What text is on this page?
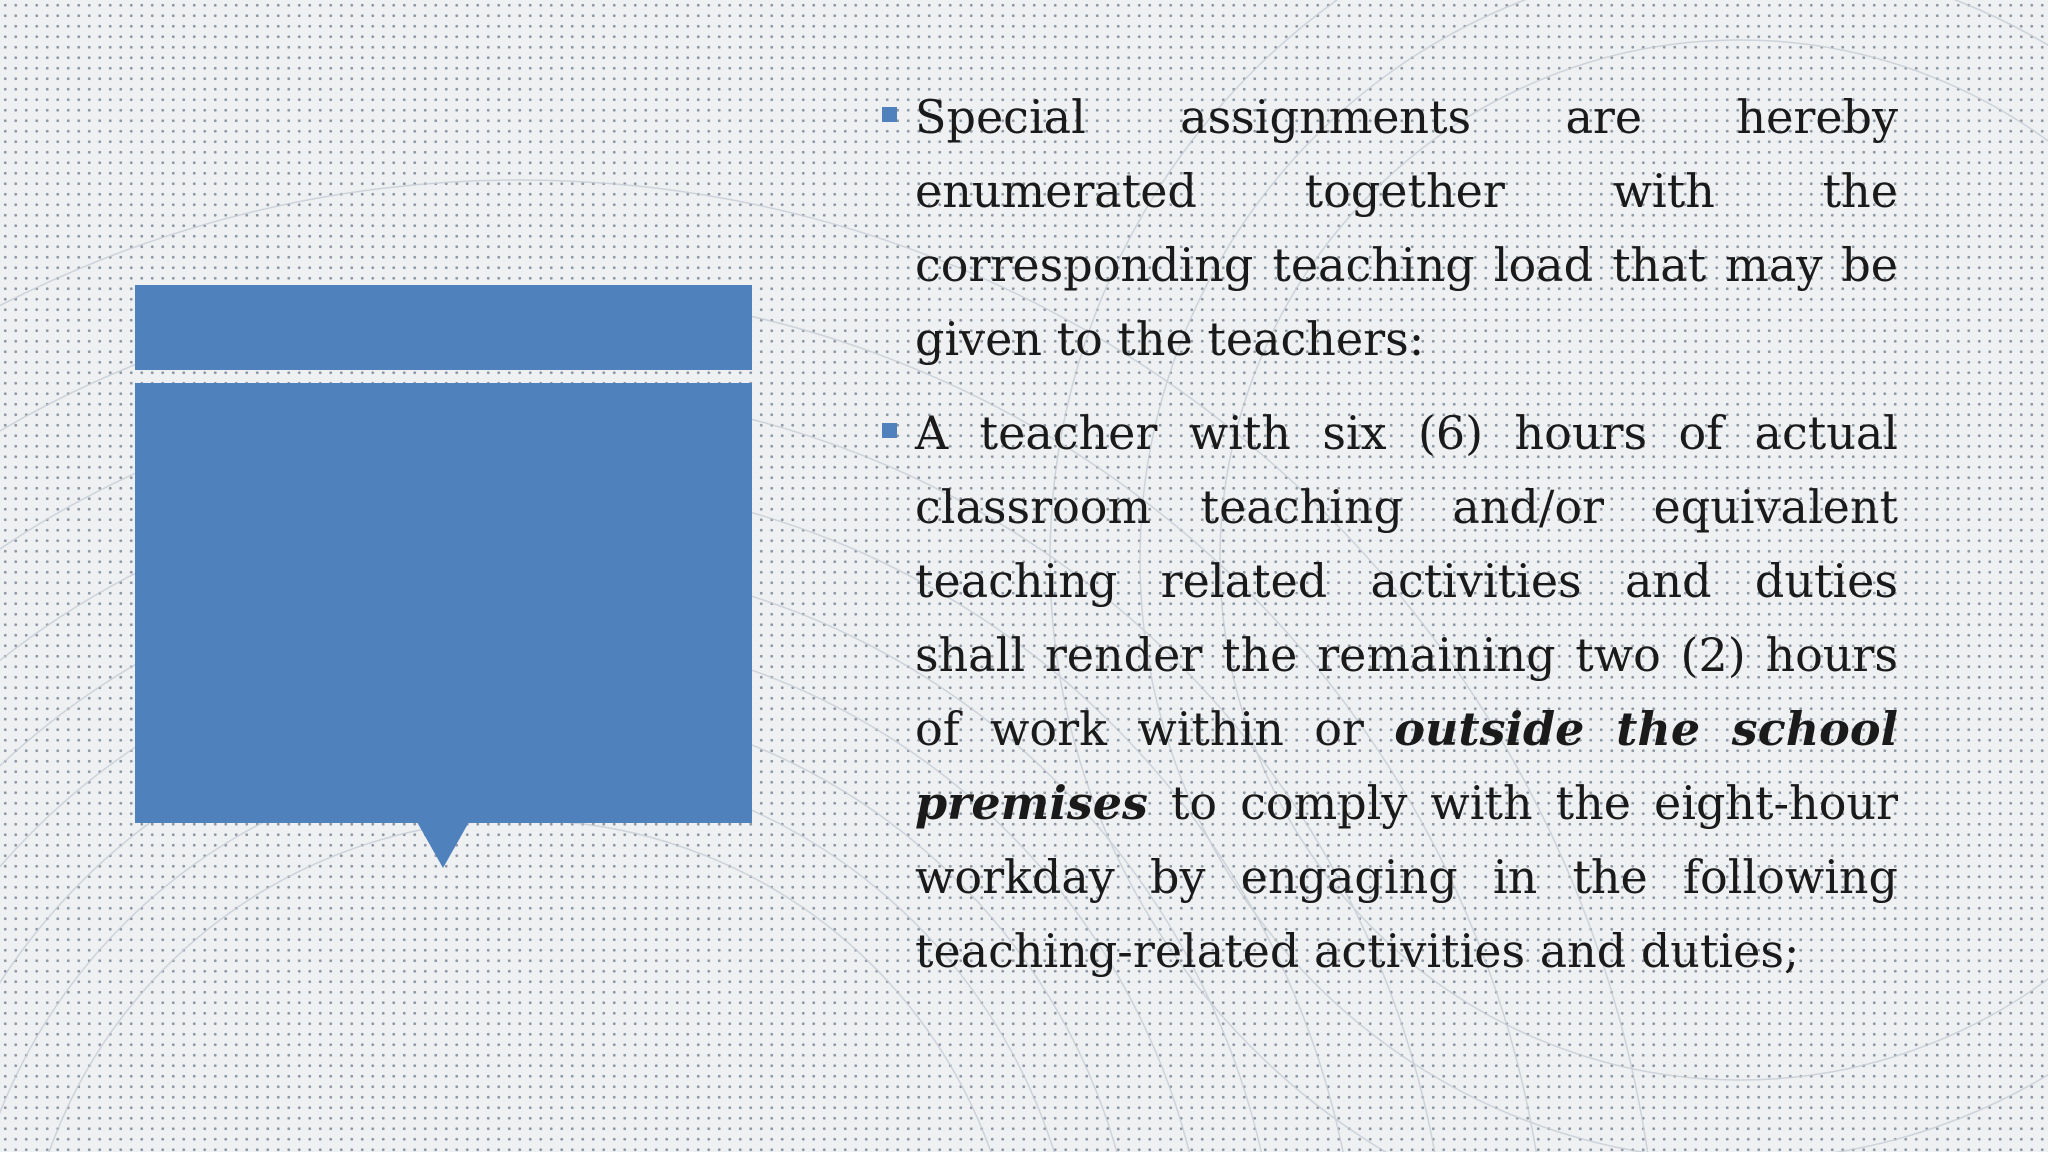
Special assignments are hereby enumerated together with the corresponding teaching load that may be given to the teachers:
A teacher with six (6) hours of actual classroom teaching and/or equivalent teaching related activities and duties shall render the remaining two (2) hours of work within or outside the school premises to comply with the eight-hour workday by engaging in the following teaching-related activities and duties;
